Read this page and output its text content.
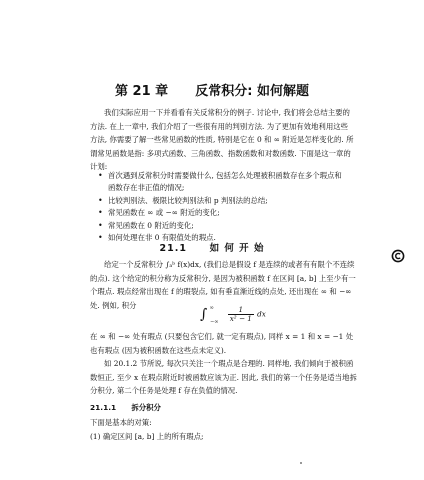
第 21 章 反常积分: 如何解题
我们实际应用一下并看看有关反常积分的例子. 讨论中, 我们将会总结主要的
方法. 在上一章中, 我们介绍了一些很有用的判别方法. 为了更加有效地利用这些
方法, 你需要了解一些常见函数的性质, 特别是它在 0 和 ∞ 附近是怎样变化的. 所
谓常见函数是指: 多项式函数、三角函数、指数函数和对数函数. 下面是这一章的
计划:
• 首次遇到反常积分时需要做什么, 包括怎么处理被积函数存在多个瑕点和
函数存在非正值的情况;
• 比较判别法、极限比较判别法和 p 判别法的总结;
• 常见函数在 ∞ 或 −∞ 附近的变化;
• 常见函数在 0 附近的变化;
• 如何处理在非 0 有限值处的瑕点.
21.1 如 何 开 始
给定一个反常积分 ∫ₐᵇ f(x)dx, (我们总是假设 f 是连续的或者有有限个不连续
的点). 这个给定的积分称为反常积分, 是因为被积函数 f 在区间 [a, b] 上至少有一
个瑕点. 瑕点经常出现在 f 的瑕裂点, 如有垂直渐近线的点处, 还出现在 ∞ 和 −∞
处. 例如, 积分
∫ ∞ $_{-\infty} \frac{1}{\text{x² − 1}}$ dx
在 ∞ 和 −∞ 处有瑕点 (只要包含它们, 就一定有瑕点), 同样 x = 1 和 x = −1 处
也有瑕点 (因为被积函数在这些点未定义).
如 20.1.2 节所说, 每次只关注一个瑕点是合理的. 同样地, 我们倾向于被积函
数恒正, 至少 x 在瑕点附近时被函数应该为正. 因此, 我们的第一个任务是适当地拆
分积分, 第二个任务是处理 f 存在负值的情况.
21.1.1 拆分积分
下面是基本的对策:
(1) 确定区间 [a, b] 上的所有瑕点;
